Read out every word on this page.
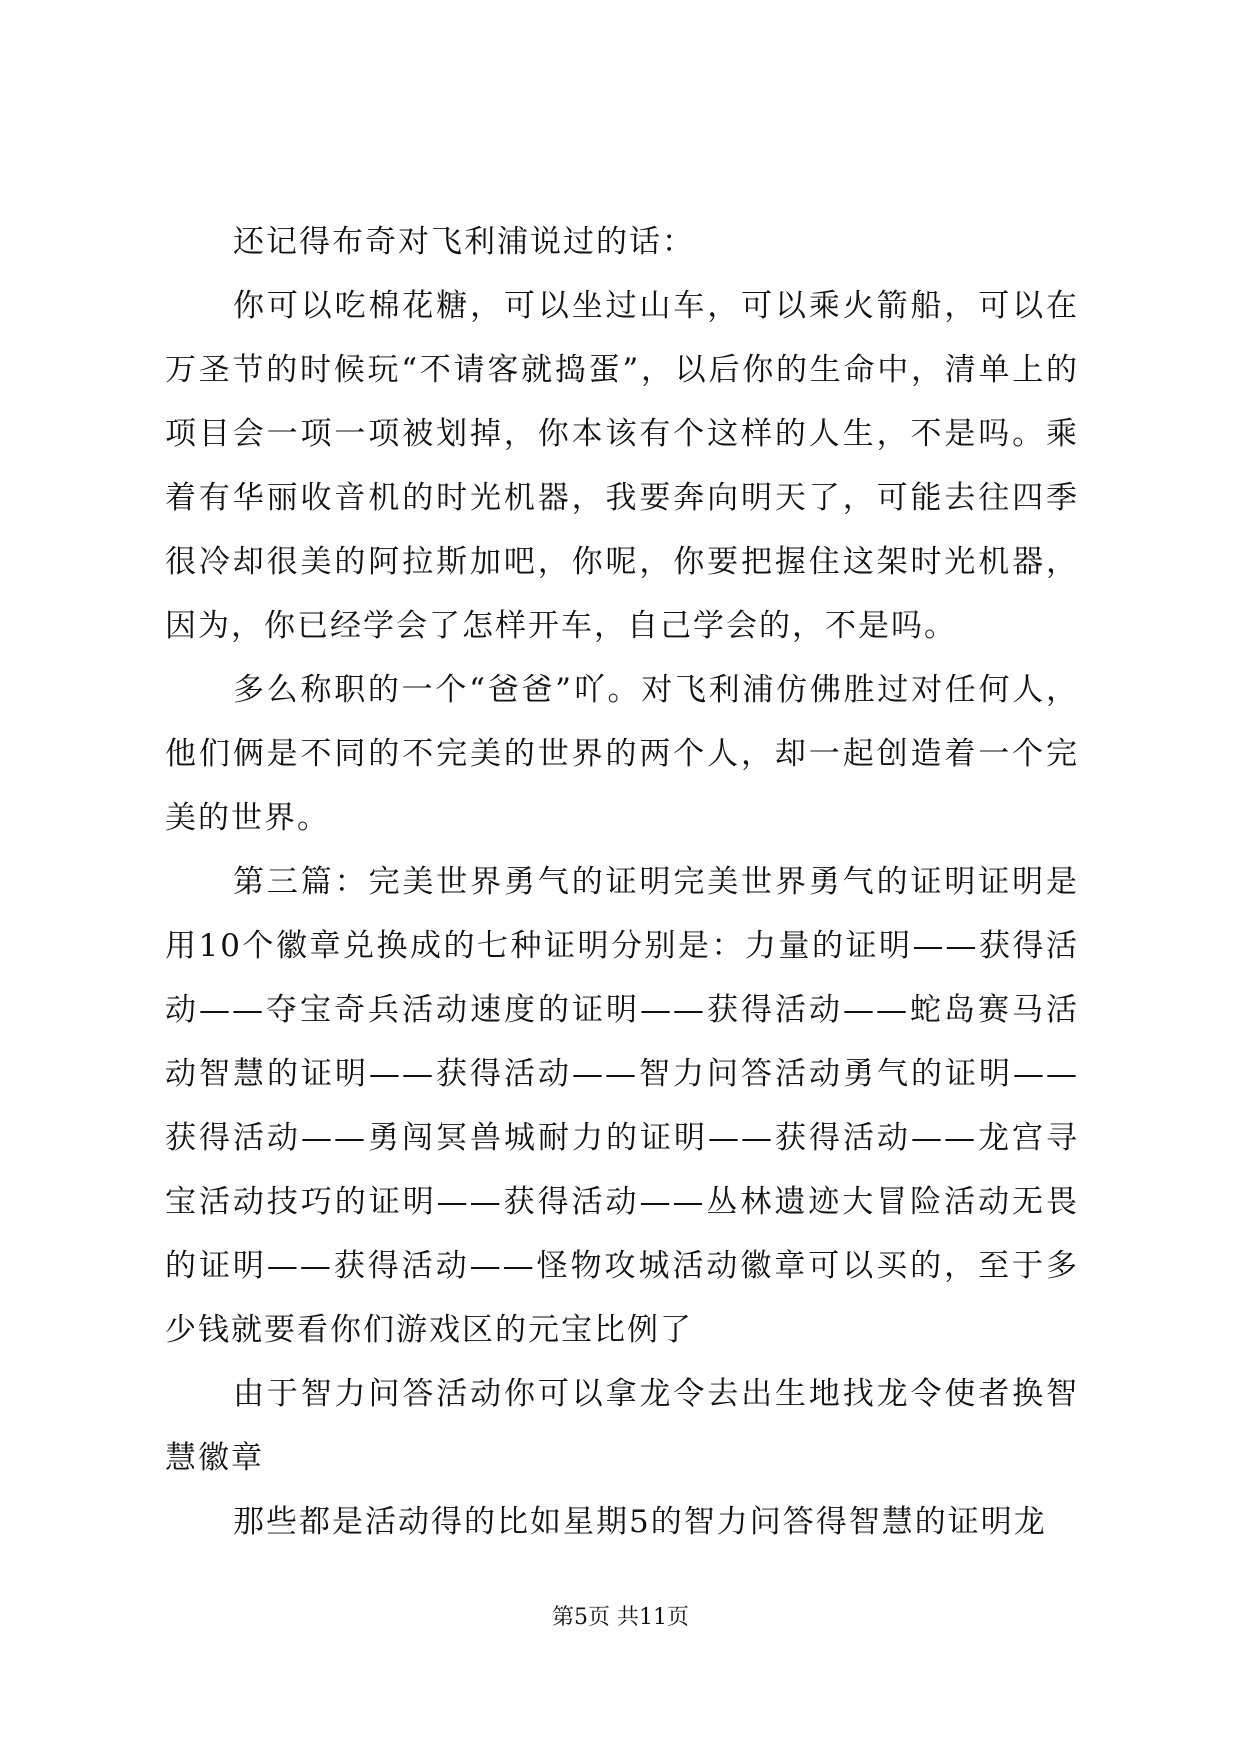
还记得布奇对飞利浦说过的话：

你可以吃棉花糖，可以坐过山车，可以乘火箭船，可以在万圣节的时候玩“不请客就捣蛋”，以后你的生命中，清单上的项目会一项一项被划掉，你本该有个这样的人生，不是吗。乘着有华丽收音机的时光机器，我要奔向明天了，可能去往四季很冷却很美的阿拉斯加吧，你呢，你要把握住这架时光机器，因为，你已经学会了怎样开车，自己学会的，不是吗。

多么称职的一个“爸爸”吖。对飞利浦仿佛胜过对任何人，他们俩是不同的不完美的世界的两个人，却一起创造着一个完美的世界。

第三篇：完美世界勇气的证明完美世界勇气的证明证明是用10个徽章兑换成的七种证明分别是：力量的证明——获得活动——夺宝奇兵活动速度的证明——获得活动——蛇岛赛马活动智慧的证明——获得活动——智力问答活动勇气的证明——获得活动——勇闯冥兽城耐力的证明——获得活动——龙宫寻宝活动技巧的证明——获得活动——丛林遗迹大冒险活动无畏的证明——获得活动——怪物攻城活动徽章可以买的，至于多少钱就要看你们游戏区的元宝比例了

由于智力问答活动你可以拿龙令去出生地找龙令使者换智慧徽章

那些都是活动得的比如星期5的智力问答得智慧的证明龙

第5页 共11页
